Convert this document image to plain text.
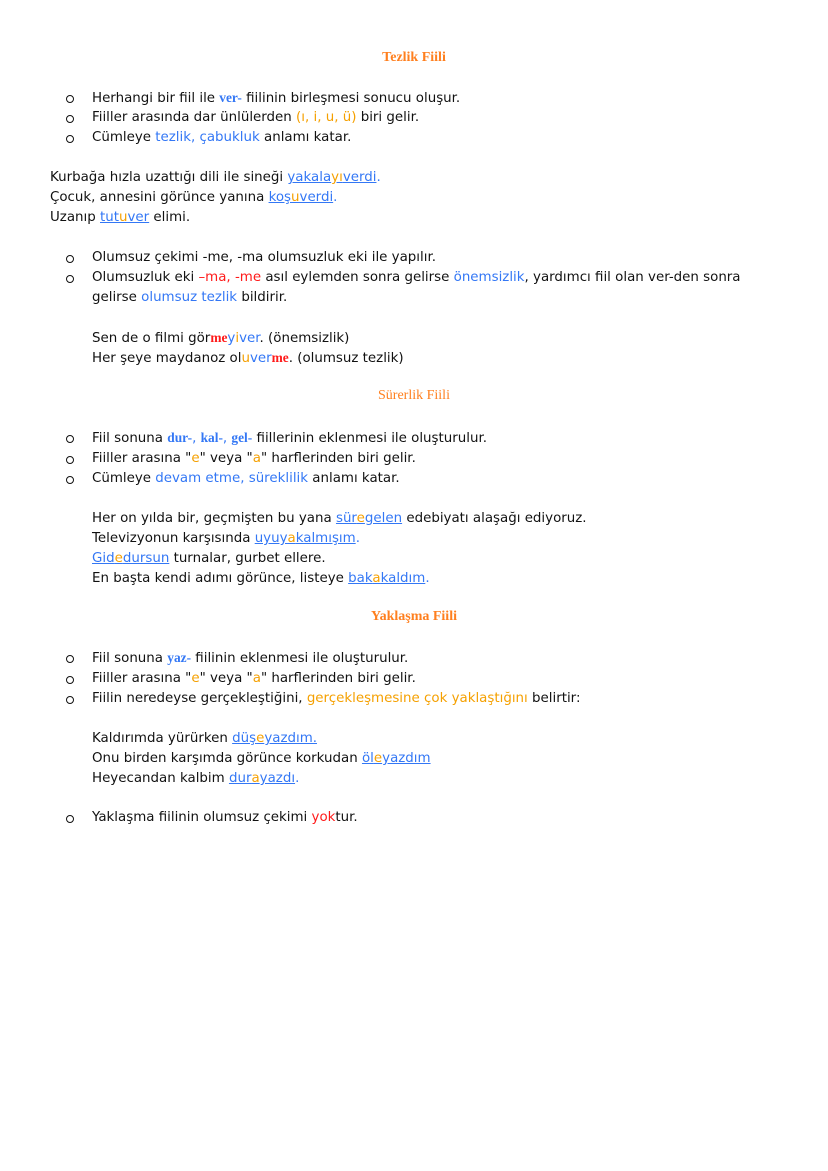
Tezlik Fiili
Herhangi bir fiil ile ver- fiilinin birleşmesi sonucu oluşur.
Fiiller arasında dar ünlülerden (ı, i, u, ü) biri gelir.
Cümleye tezlik, çabukluk anlamı katar.
Kurbağa hızla uzattığı dili ile sineği yakalayıverdi.
Çocuk, annesini görünce yanına koşuverdi.
Uzanıp tutuver elimi.
Olumsuz çekimi -me, -ma olumsuzluk eki ile yapılır.
Olumsuzluk eki –ma, -me asıl eylemden sonra gelirse önemsizlik, yardımcı fiil olan ver-den sonra
gelirse olumsuz tezlik bildirir.
Sen de o filmi görmeyiver. (önemsizlik)
Her şeye maydanoz oluverme. (olumsuz tezlik)
Sürerlik Fiili
Fiil sonuna dur-, kal-, gel- fiillerinin eklenmesi ile oluşturulur.
Fiiller arasına "e" veya "a" harflerinden biri gelir.
Cümleye devam etme, süreklilik anlamı katar.
Her on yılda bir, geçmişten bu yana süregelen edebiyatı alaşağı ediyoruz.
Televizyonun karşısında uyuyakalmışım.
Gidedursun turnalar, gurbet ellere.
En başta kendi adımı görünce, listeye bakakaldım.
Yaklaşma Fiili
Fiil sonuna yaz- fiilinin eklenmesi ile oluşturulur.
Fiiller arasına "e" veya "a" harflerinden biri gelir.
Fiilin neredeyse gerçekleştiğini, gerçekleşmesine çok yaklaştığını belirtir:
Kaldırımda yürürken düşeyazdım.
Onu birden karşımda görünce korkudan öleyazdım
Heyecandan kalbim durayazdı.
Yaklaşma fiilinin olumsuz çekimi yoktur.
